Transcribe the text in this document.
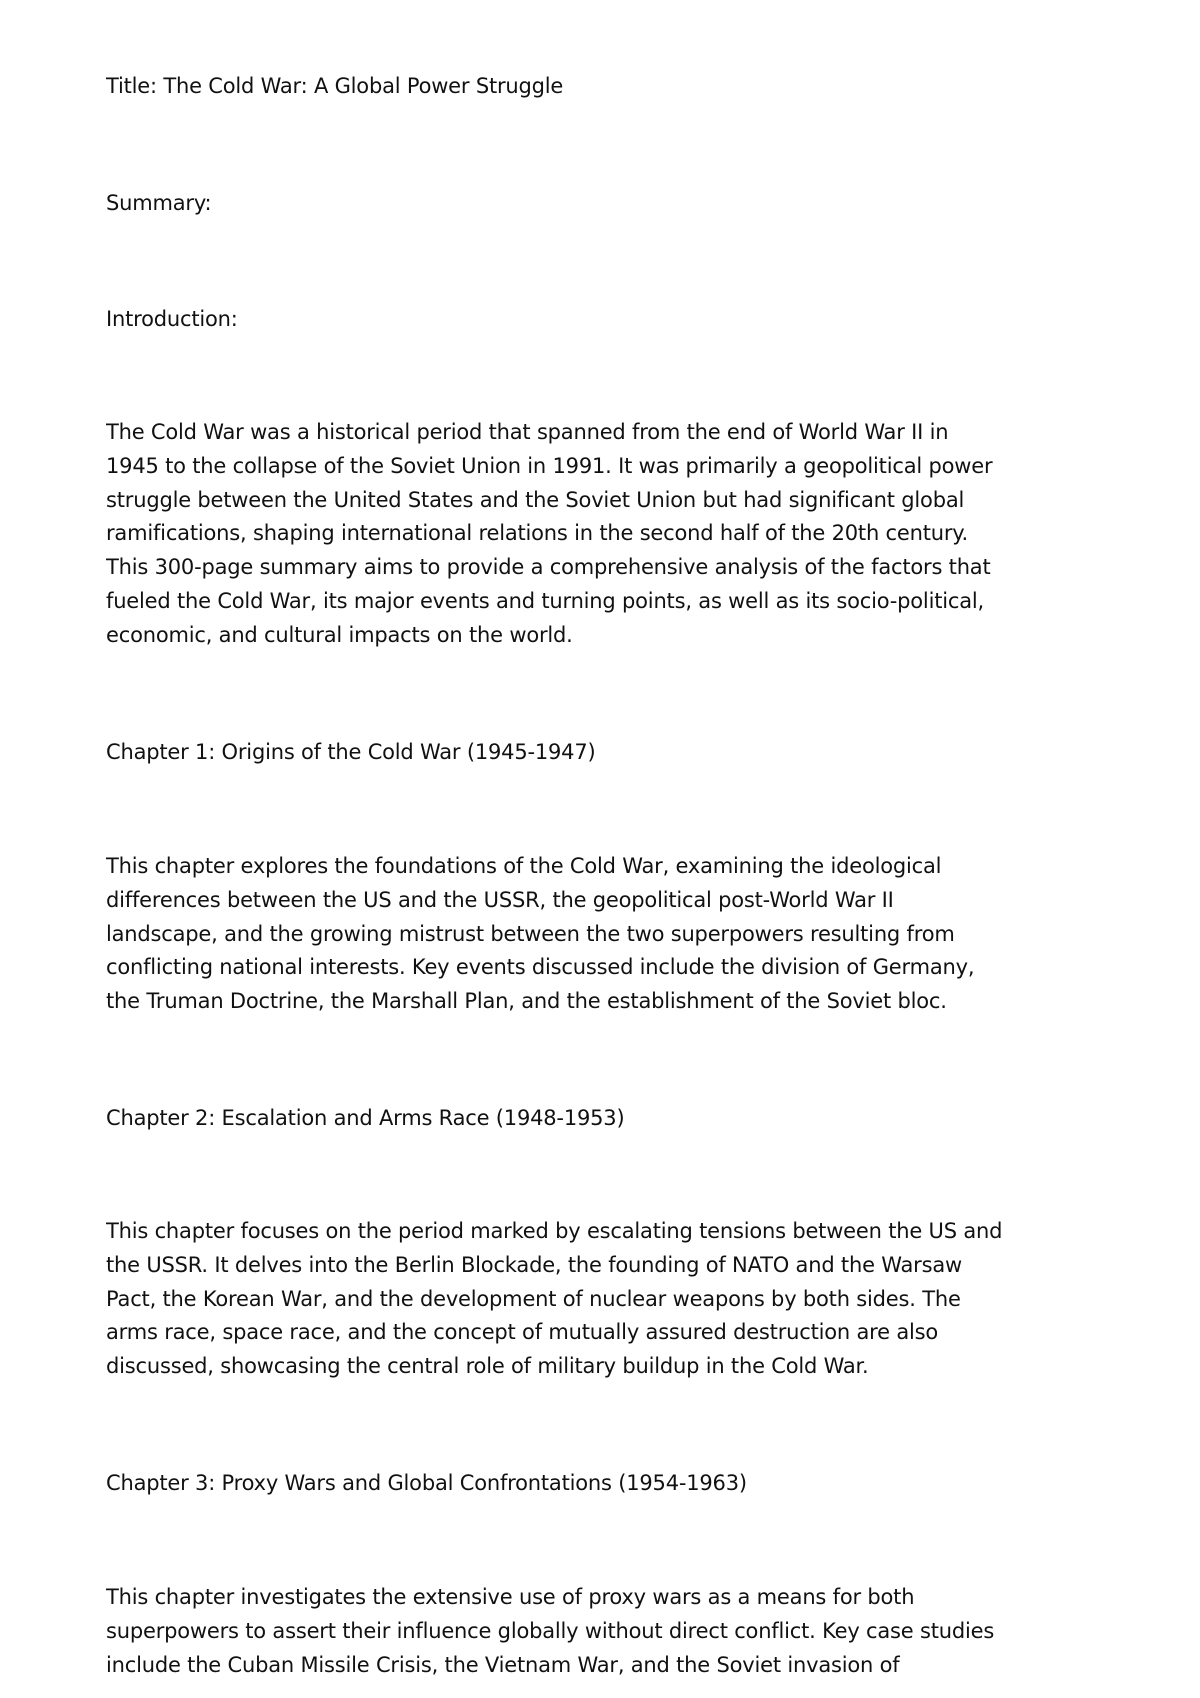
Title: The Cold War: A Global Power Struggle
Summary:
Introduction:
The Cold War was a historical period that spanned from the end of World War II in
1945 to the collapse of the Soviet Union in 1991. It was primarily a geopolitical power
struggle between the United States and the Soviet Union but had significant global
ramifications, shaping international relations in the second half of the 20th century.
This 300-page summary aims to provide a comprehensive analysis of the factors that
fueled the Cold War, its major events and turning points, as well as its socio-political,
economic, and cultural impacts on the world.
Chapter 1: Origins of the Cold War (1945-1947)
This chapter explores the foundations of the Cold War, examining the ideological
differences between the US and the USSR, the geopolitical post-World War II
landscape, and the growing mistrust between the two superpowers resulting from
conflicting national interests. Key events discussed include the division of Germany,
the Truman Doctrine, the Marshall Plan, and the establishment of the Soviet bloc.
Chapter 2: Escalation and Arms Race (1948-1953)
This chapter focuses on the period marked by escalating tensions between the US and
the USSR. It delves into the Berlin Blockade, the founding of NATO and the Warsaw
Pact, the Korean War, and the development of nuclear weapons by both sides. The
arms race, space race, and the concept of mutually assured destruction are also
discussed, showcasing the central role of military buildup in the Cold War.
Chapter 3: Proxy Wars and Global Confrontations (1954-1963)
This chapter investigates the extensive use of proxy wars as a means for both
superpowers to assert their influence globally without direct conflict. Key case studies
include the Cuban Missile Crisis, the Vietnam War, and the Soviet invasion of
